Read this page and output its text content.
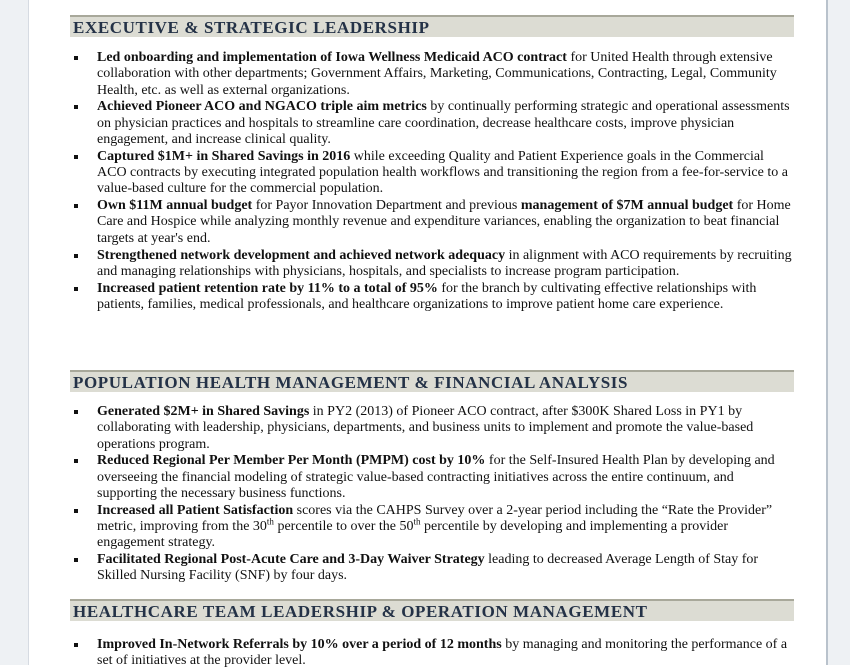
EXECUTIVE & STRATEGIC LEADERSHIP
Led onboarding and implementation of Iowa Wellness Medicaid ACO contract for United Health through extensive collaboration with other departments; Government Affairs, Marketing, Communications, Contracting, Legal, Community Health, etc. as well as external organizations.
Achieved Pioneer ACO and NGACO triple aim metrics by continually performing strategic and operational assessments on physician practices and hospitals to streamline care coordination, decrease healthcare costs, improve physician engagement, and increase clinical quality.
Captured $1M+ in Shared Savings in 2016 while exceeding Quality and Patient Experience goals in the Commercial ACO contracts by executing integrated population health workflows and transitioning the region from a fee-for-service to a value-based culture for the commercial population.
Own $11M annual budget for Payor Innovation Department and previous management of $7M annual budget for Home Care and Hospice while analyzing monthly revenue and expenditure variances, enabling the organization to beat financial targets at year's end.
Strengthened network development and achieved network adequacy in alignment with ACO requirements by recruiting and managing relationships with physicians, hospitals, and specialists to increase program participation.
Increased patient retention rate by 11% to a total of 95% for the branch by cultivating effective relationships with patients, families, medical professionals, and healthcare organizations to improve patient home care experience.
POPULATION HEALTH MANAGEMENT & FINANCIAL ANALYSIS
Generated $2M+ in Shared Savings in PY2 (2013) of Pioneer ACO contract, after $300K Shared Loss in PY1 by collaborating with leadership, physicians, departments, and business units to implement and promote the value-based operations program.
Reduced Regional Per Member Per Month (PMPM) cost by 10% for the Self-Insured Health Plan by developing and overseeing the financial modeling of strategic value-based contracting initiatives across the entire continuum, and supporting the necessary business functions.
Increased all Patient Satisfaction scores via the CAHPS Survey over a 2-year period including the “Rate the Provider” metric, improving from the 30th percentile to over the 50th percentile by developing and implementing a provider engagement strategy.
Facilitated Regional Post-Acute Care and 3-Day Waiver Strategy leading to decreased Average Length of Stay for Skilled Nursing Facility (SNF) by four days.
HEALTHCARE TEAM LEADERSHIP & OPERATION MANAGEMENT
Improved In-Network Referrals by 10% over a period of 12 months by managing and monitoring the performance of a set of initiatives at the provider level.
